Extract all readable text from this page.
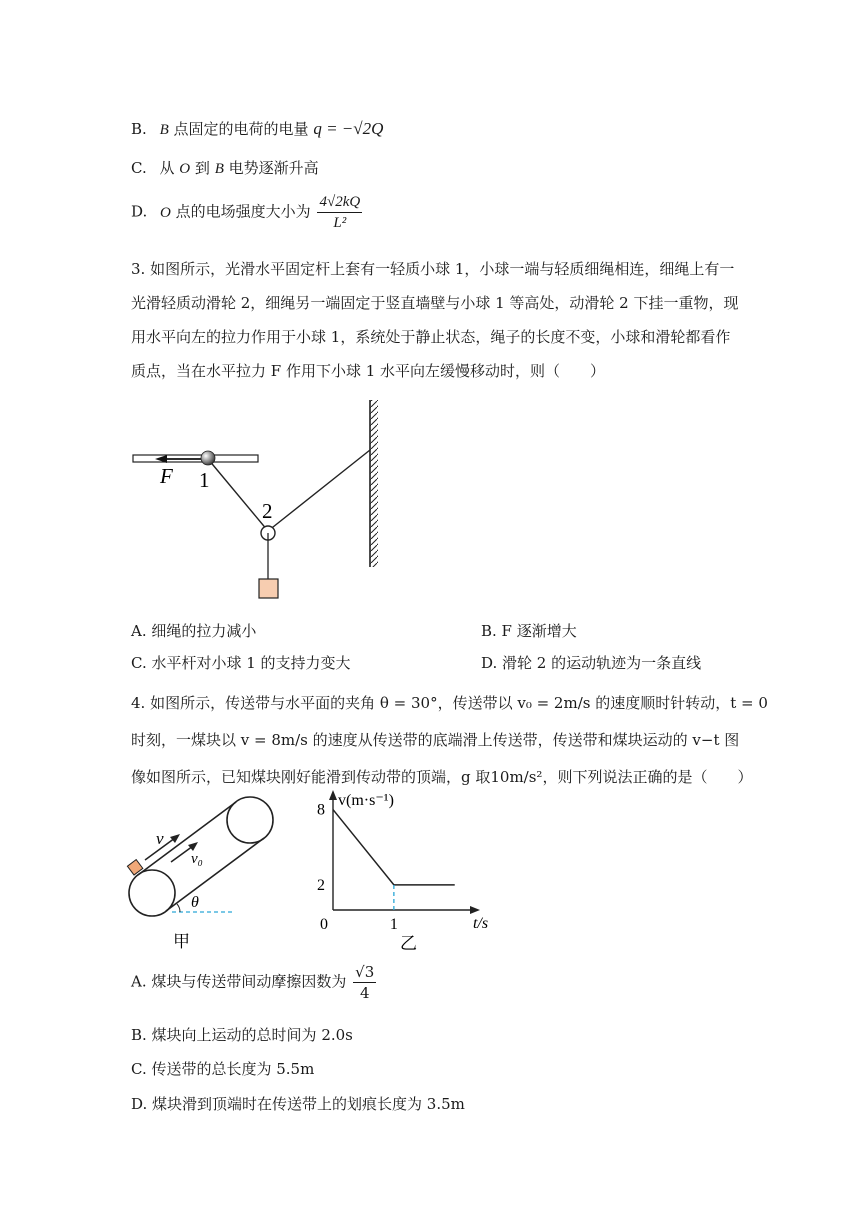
B. B 点固定的电荷的电量 q = −√2Q
C. 从 O 到 B 电势逐渐升高
D. O 点的电场强度大小为 $\frac{4√2kQ}{\text{L²}}$
3. 如图所示，光滑水平固定杆上套有一轻质小球 1，小球一端与轻质细绳相连，细绳上有一
光滑轻质动滑轮 2，细绳另一端固定于竖直墙壁与小球 1 等高处，动滑轮 2 下挂一重物，现
用水平向左的拉力作用于小球 1，系统处于静止状态，绳子的长度不变，小球和滑轮都看作
质点，当在水平拉力 F 作用下小球 1 水平向左缓慢移动时，则（　　）
F 1
2
A. 细绳的拉力减小	B. F 逐渐增大
C. 水平杆对小球 1 的支持力变大	D. 滑轮 2 的运动轨迹为一条直线
4. 如图所示，传送带与水平面的夹角 θ = 30°，传送带以 v₀ = 2m/s 的速度顺时针转动，t = 0
时刻，一煤块以 v = 8m/s 的速度从传送带的底端滑上传送带，传送带和煤块运动的 v−t 图
像如图所示，已知煤块刚好能滑到传动带的顶端，g 取10m/s²，则下列说法正确的是（　　）
v
v₀
θ
甲
2
8
0	1
v(m·s⁻¹)
t/s
乙
A. 煤块与传送带间动摩擦因数为 $\frac{√3}{4}$
B. 煤块向上运动的总时间为 2.0s
C. 传送带的总长度为 5.5m
D. 煤块滑到顶端时在传送带上的划痕长度为 3.5m
